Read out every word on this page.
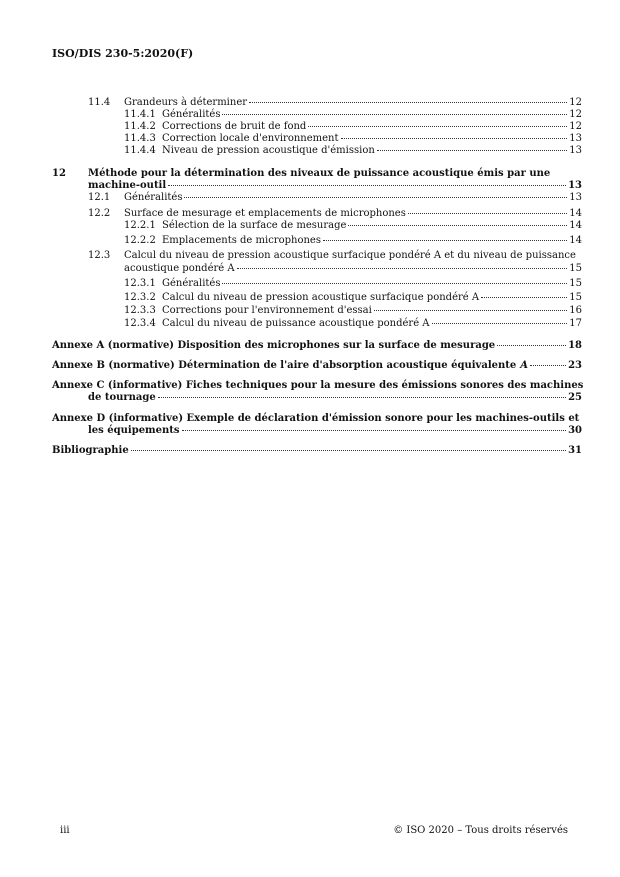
ISO/DIS 230-5:2020(F)
11.4	Grandeurs à déterminer	12
11.4.1 Généralités	12
11.4.2 Corrections de bruit de fond	12
11.4.3 Correction locale d'environnement	13
11.4.4 Niveau de pression acoustique d'émission	13
12 Méthode pour la détermination des niveaux de puissance acoustique émis par une
machine-outil	13
12.1	Généralités	13
12.2	Surface de mesurage et emplacements de microphones	14
12.2.1 Sélection de la surface de mesurage	14
12.2.2 Emplacements de microphones	14
12.3 Calcul du niveau de pression acoustique surfacique pondéré A et du niveau de puissance
acoustique pondéré A	15
12.3.1 Généralités	15
12.3.2 Calcul du niveau de pression acoustique surfacique pondéré A	15
12.3.3 Corrections pour l'environnement d'essai	16
12.3.4 Calcul du niveau de puissance acoustique pondéré A	17
Annexe A (normative) Disposition des microphones sur la surface de mesurage	18
Annexe B (normative) Détermination de l'aire d'absorption acoustique équivalente A	23
Annexe C (informative) Fiches techniques pour la mesure des émissions sonores des machines
de tournage	25
Annexe D (informative) Exemple de déclaration d'émission sonore pour les machines-outils et
les équipements	30
Bibliographie	31
iii	© ISO 2020 – Tous droits réservés
